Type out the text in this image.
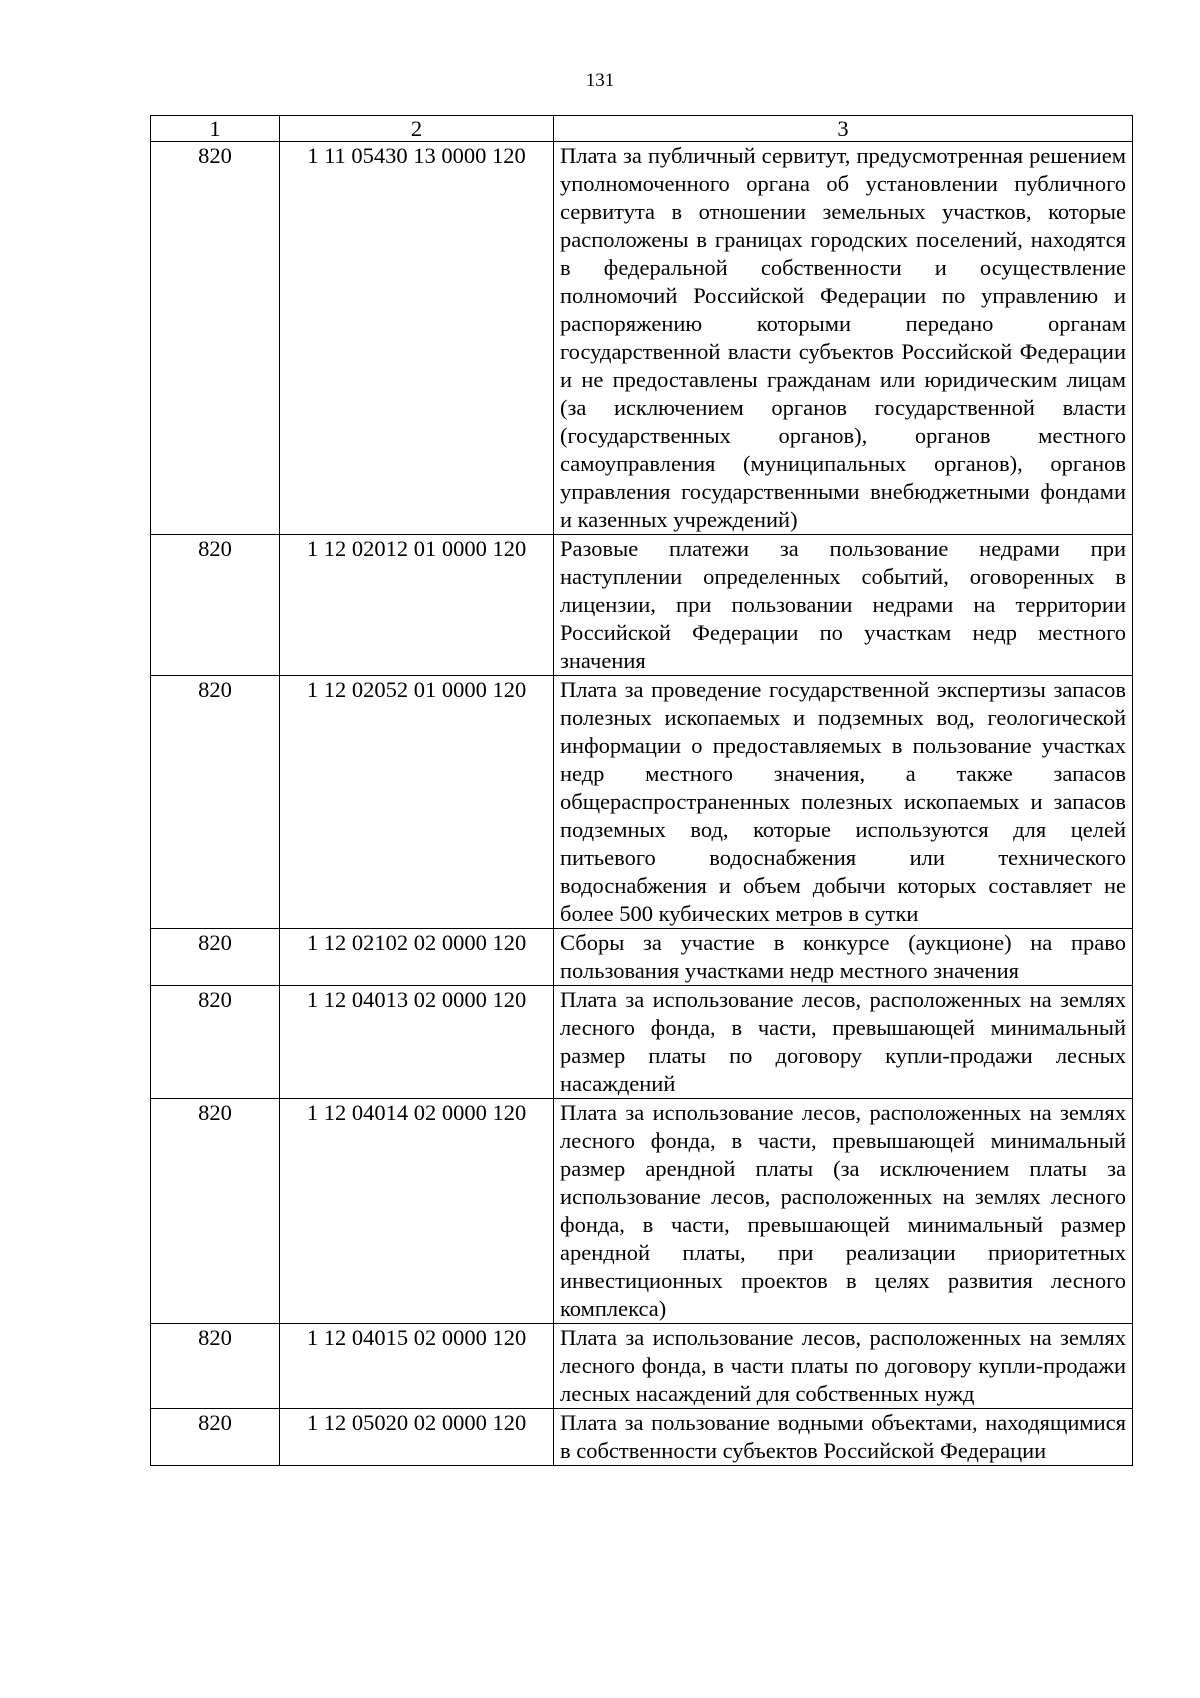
131
1	2	3
820	1 11 05430 13 0000 120	Плата за публичный сервитут, предусмотренная решением уполномоченного органа об установлении публичного сервитута в отношении земельных участков, которые расположены в границах городских поселений, находятся в федеральной собственности и осуществление полномочий Российской Федерации по управлению и распоряжению которыми передано органам государственной власти субъектов Российской Федерации и не предоставлены гражданам или юридическим лицам (за исключением органов государственной власти (государственных органов), органов местного самоуправления (муниципальных органов), органов управления государственными внебюджетными фондами и казенных учреждений)
820	1 12 02012 01 0000 120	Разовые платежи за пользование недрами при наступлении определенных событий, оговоренных в лицензии, при пользовании недрами на территории Российской Федерации по участкам недр местного значения
820	1 12 02052 01 0000 120	Плата за проведение государственной экспертизы запасов полезных ископаемых и подземных вод, геологической информации о предоставляемых в пользование участках недр местного значения, а также запасов общераспространенных полезных ископаемых и запасов подземных вод, которые используются для целей питьевого водоснабжения или технического водоснабжения и объем добычи которых составляет не более 500 кубических метров в сутки
820	1 12 02102 02 0000 120	Сборы за участие в конкурсе (аукционе) на право пользования участками недр местного значения
820	1 12 04013 02 0000 120	Плата за использование лесов, расположенных на землях лесного фонда, в части, превышающей минимальный размер платы по договору купли-продажи лесных насаждений
820	1 12 04014 02 0000 120	Плата за использование лесов, расположенных на землях лесного фонда, в части, превышающей минимальный размер арендной платы (за исключением платы за использование лесов, расположенных на землях лесного фонда, в части, превышающей минимальный размер арендной платы, при реализации приоритетных инвестиционных проектов в целях развития лесного комплекса)
820	1 12 04015 02 0000 120	Плата за использование лесов, расположенных на землях лесного фонда, в части платы по договору купли-продажи лесных насаждений для собственных нужд
820	1 12 05020 02 0000 120	Плата за пользование водными объектами, находящимися в собственности субъектов Российской Федерации
